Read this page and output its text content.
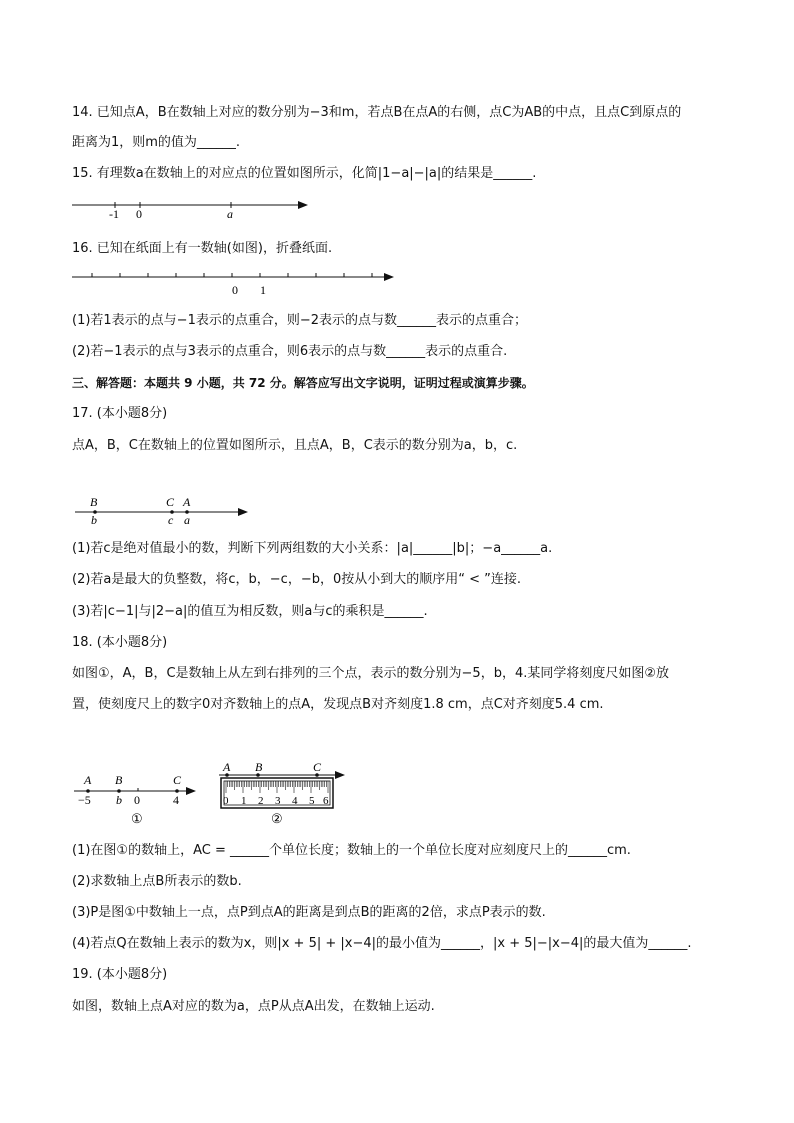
14. 已知点A，B在数轴上对应的数分别为−3和m，若点B在点A的右侧，点C为AB的中点，且点C到原点的
距离为1，则m的值为______.
15. 有理数a在数轴上的对应点的位置如图所示，化简|1−a|−|a|的结果是______.
-1 0	a
16. 已知在纸面上有一数轴(如图)，折叠纸面.
0 1
(1)若1表示的点与−1表示的点重合，则−2表示的点与数______表示的点重合；
(2)若−1表示的点与3表示的点重合，则6表示的点与数______表示的点重合.
三、解答题：本题共 9 小题，共 72 分。解答应写出文字说明，证明过程或演算步骤。
17. (本小题8分)
点A，B，C在数轴上的位置如图所示，且点A，B，C表示的数分别为a，b，c.
B	C A
b	c a
(1)若c是绝对值最小的数，判断下列两组数的大小关系：|a|______|b|；−a______a.
(2)若a是最大的负整数，将c，b，−c，−b，0按从小到大的顺序用“ < ”连接.
(3)若|c−1|与|2−a|的值互为相反数，则a与c的乘积是______.
18. (本小题8分)
如图①，A，B，C是数轴上从左到右排列的三个点，表示的数分别为−5，b，4.某同学将刻度尺如图②放
置，使刻度尺上的数字0对齐数轴上的点A，发现点B对齐刻度1.8 cm，点C对齐刻度5.4 cm.
A B	C
−5 b 0	4
①
A B	C
0 1 2 3 4 5 6
②
(1)在图①的数轴上，AC = ______个单位长度；数轴上的一个单位长度对应刻度尺上的______cm.
(2)求数轴上点B所表示的数b.
(3)P是图①中数轴上一点，点P到点A的距离是到点B的距离的2倍，求点P表示的数.
(4)若点Q在数轴上表示的数为x，则|x + 5| + |x−4|的最小值为______，|x + 5|−|x−4|的最大值为______.
19. (本小题8分)
如图，数轴上点A对应的数为a，点P从点A出发，在数轴上运动.
